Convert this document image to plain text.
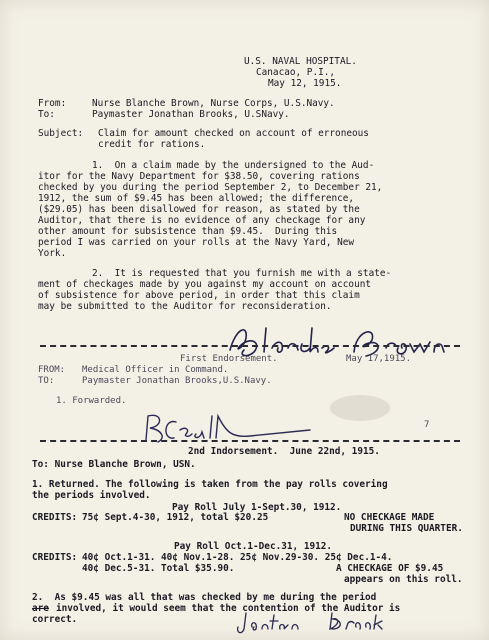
U.S. NAVAL HOSPITAL.
Canacao, P.I.,
May 12, 1915.
From:	Nurse Blanche Brown, Nurse Corps, U.S.Navy.
To:	Paymaster Jonathan Brooks, U.SNavy.
Subject: Claim for amount checked on account of erroneous
credit for rations.
1.  On a claim made by the undersigned to the Aud-
itor for the Navy Department for $38.50, covering rations
checked by you during the period September 2, to December 21,
1912, the sum of $9.45 has been allowed; the difference,
($29.05) has been disallowed for reason, as stated by the
Auditor, that there is no evidence of any checkage for any
other amount for subsistence than $9.45.  During this
period I was carried on your rolls at the Navy Yard, New
York.
2.  It is requested that you furnish me with a state-
ment of checkages made by you against my account on account
of subsistence for above period, in order that this claim
may be submitted to the Auditor for reconsideration.
First Endorsement.	May 17,1915.
FROM: Medical Officer in Command.
TO:	Paymaster Jonathan Brooks,U.S.Navy.
1. Forwarded.
7
2nd Indorsement.  June 22nd, 1915.
To: Nurse Blanche Brown, USN.
1. Returned. The following is taken from the pay rolls covering
the periods involved.
Pay Roll July 1-Sept.30, 1912.
CREDITS: 75¢ Sept.4-30, 1912, total $20.25	NO CHECKAGE MADE
DURING THIS QUARTER.
Pay Roll Oct.1-Dec.31, 1912.
CREDITS: 40¢ Oct.1-31. 40¢ Nov.1-28. 25¢ Nov.29-30. 25¢ Dec.1-4.
40¢ Dec.5-31. Total $35.90.	A CHECKAGE OF $9.45
appears on this roll.
2.  As $9.45 was all that was checked by me during the period
are involved, it would seem that the contention of the Auditor is
correct.
